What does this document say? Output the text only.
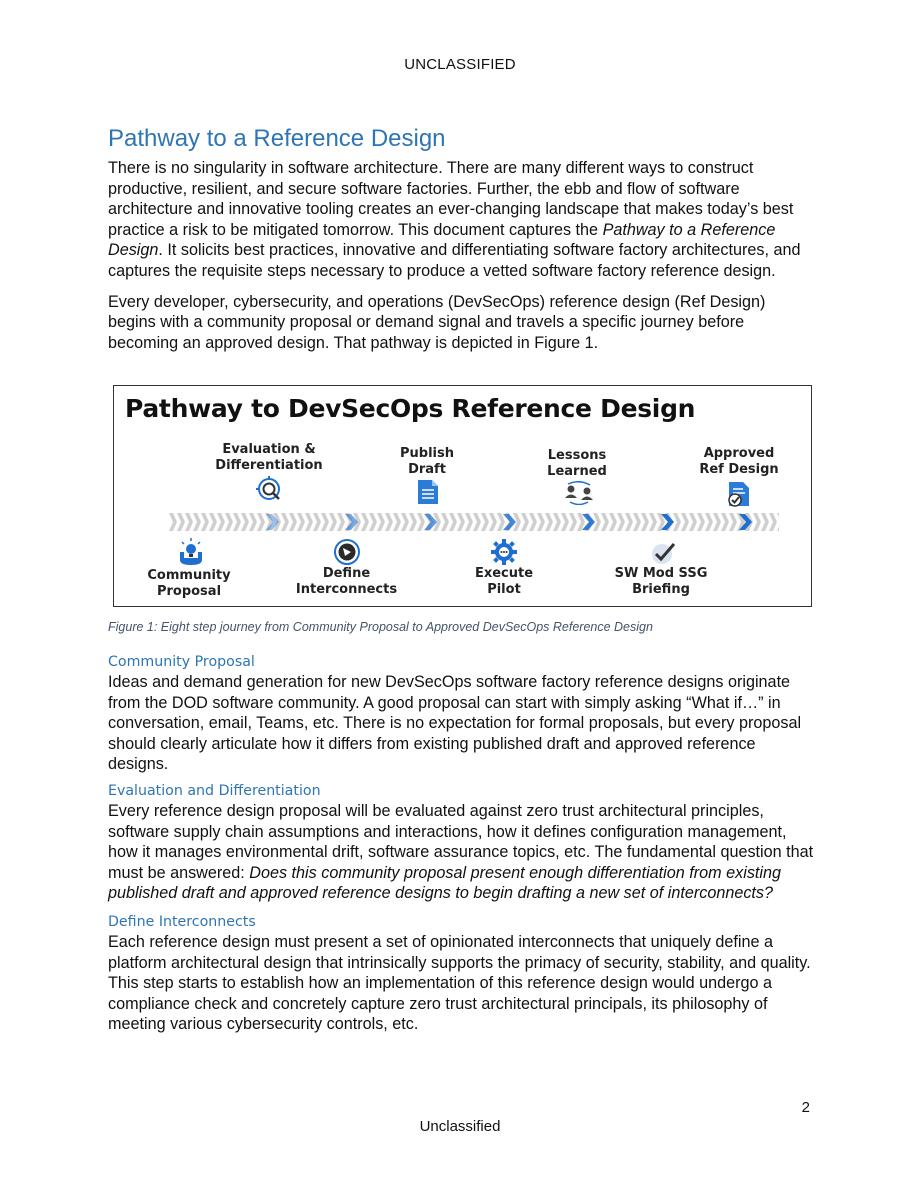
UNCLASSIFIED
Pathway to a Reference Design

There is no singularity in software architecture. There are many different ways to construct productive, resilient, and secure software factories. Further, the ebb and flow of software architecture and innovative tooling creates an ever-changing landscape that makes today’s best practice a risk to be mitigated tomorrow. This document captures the Pathway to a Reference Design. It solicits best practices, innovative and differentiating software factory architectures, and captures the requisite steps necessary to produce a vetted software factory reference design.

Every developer, cybersecurity, and operations (DevSecOps) reference design (Ref Design) begins with a community proposal or demand signal and travels a specific journey before becoming an approved design. That pathway is depicted in Figure 1.

Pathway to DevSecOps Reference Design
Evaluation &
Differentiation
Publish
Draft
Lessons
Learned
Approved
Ref Design
Community
Proposal
Define
Interconnects
Execute
Pilot
SW Mod SSG
Briefing
Figure 1: Eight step journey from Community Proposal to Approved DevSecOps Reference Design
Community Proposal

Ideas and demand generation for new DevSecOps software factory reference designs originate from the DOD software community. A good proposal can start with simply asking “What if…” in conversation, email, Teams, etc. There is no expectation for formal proposals, but every proposal should clearly articulate how it differs from existing published draft and approved reference designs.

Evaluation and Differentiation

Every reference design proposal will be evaluated against zero trust architectural principles, software supply chain assumptions and interactions, how it defines configuration management, how it manages environmental drift, software assurance topics, etc. The fundamental question that must be answered: Does this community proposal present enough differentiation from existing published draft and approved reference designs to begin drafting a new set of interconnects?

Define Interconnects

Each reference design must present a set of opinionated interconnects that uniquely define a platform architectural design that intrinsically supports the primacy of security, stability, and quality. This step starts to establish how an implementation of this reference design would undergo a compliance check and concretely capture zero trust architectural principals, its philosophy of meeting various cybersecurity controls, etc.

2
Unclassified
